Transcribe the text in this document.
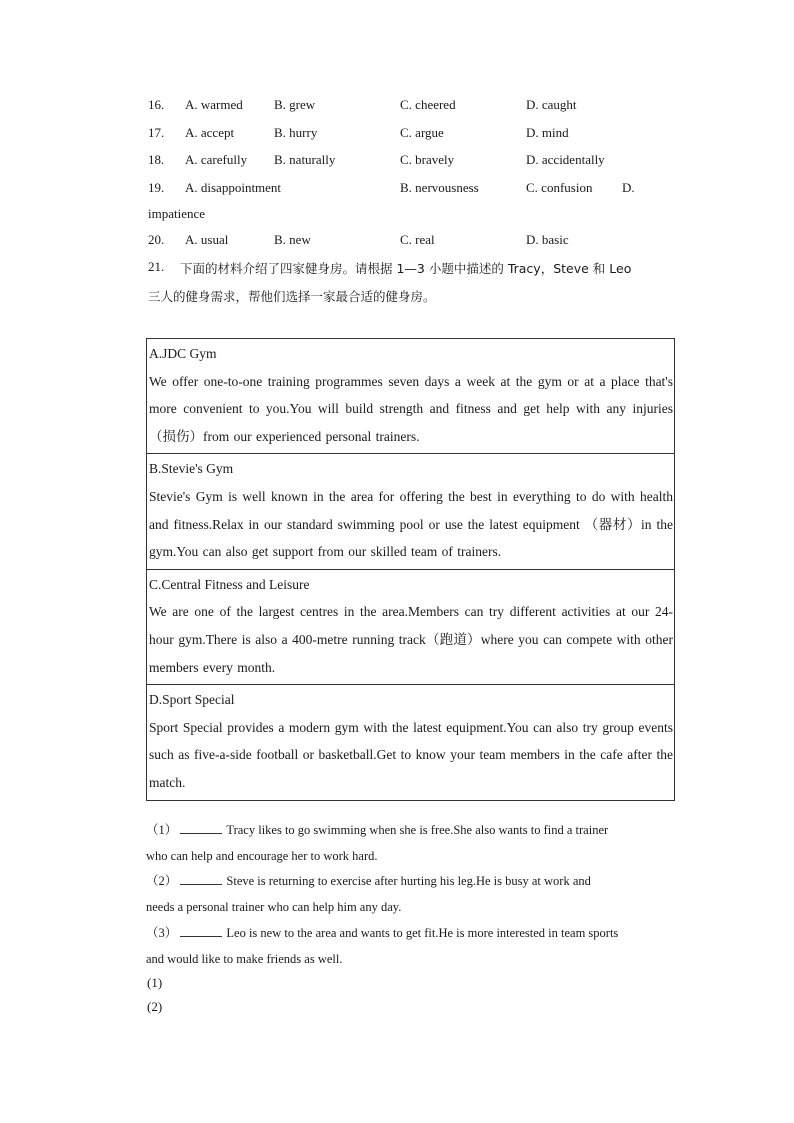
16. A. warmed B. grew	C. cheered	D. caught
17. A. accept	B. hurry	C. argue	D. mind
18. A. carefully B. naturally	C. bravely	D. accidentally
19. A. disappointment	B. nervousness	C. confusion D.
impatience
20. A. usual	B. new	C. real	D. basic
21. 下面的材料介绍了四家健身房。请根据 1—3 小题中描述的 Tracy，Steve 和 Leo
三人的健身需求，帮他们选择一家最合适的健身房。
A.JDC Gym
We offer one-to-one training programmes seven days a week at the gym or at a place that's more convenient to you.You will build strength and fitness and get help with any injuries （损伤）from our experienced personal trainers.

B.Stevie's Gym
Stevie's Gym is well known in the area for offering the best in everything to do with health and fitness.Relax in our standard swimming pool or use the latest equipment （器材）in the gym.You can also get support from our skilled team of trainers.

C.Central Fitness and Leisure
We are one of the largest centres in the area.Members can try different activities at our 24-hour gym.There is also a 400-metre running track（跑道）where you can compete with other members every month.

D.Sport Special
Sport Special provides a modern gym with the latest equipment.You can also try group events such as five-a-side football or basketball.Get to know your team members in the cafe after the match.
（1）	Tracy likes to go swimming when she is free.She also wants to find a trainer
who can help and encourage her to work hard.
（2）	Steve is returning to exercise after hurting his leg.He is busy at work and
needs a personal trainer who can help him any day.
（3）	Leo is new to the area and wants to get fit.He is more interested in team sports
and would like to make friends as well.
(1)
(2)
